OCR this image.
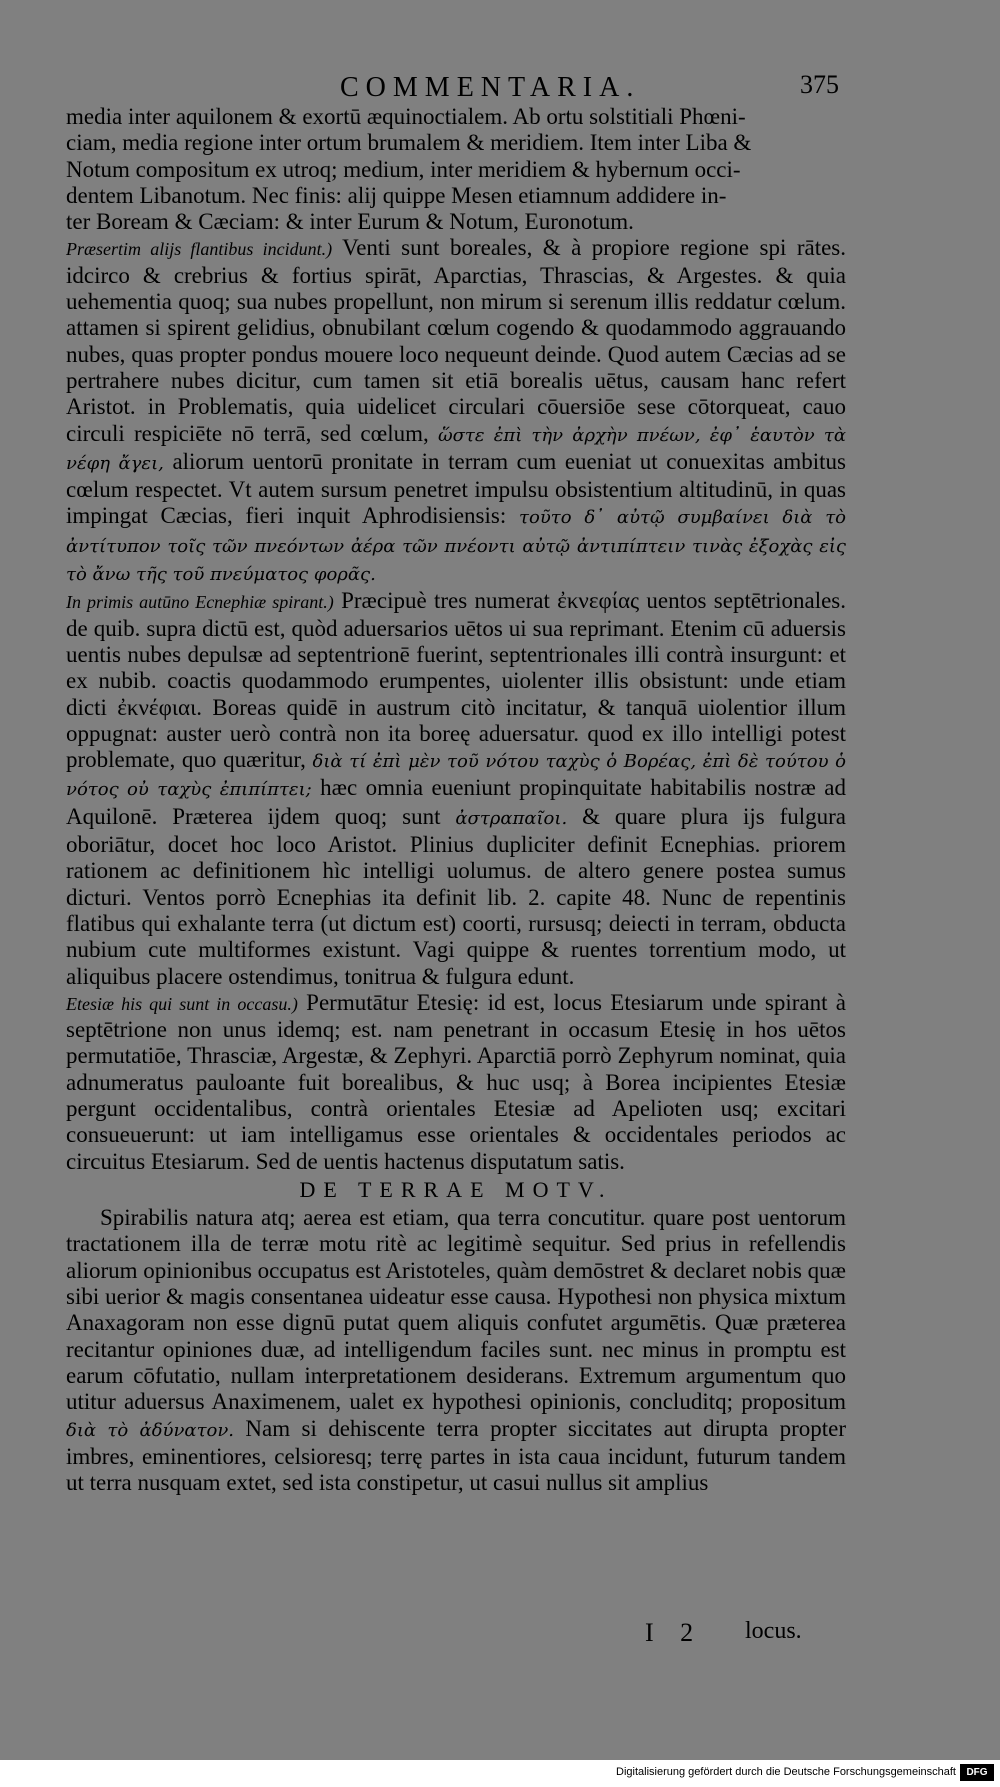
COMMENTARIA.	375

media inter aquilonem & exortū æquinoctialem. Ab ortu solstitiali Phœni-

ciam, media regione inter ortum brumalem & meridiem. Item inter Liba &

Notum compositum ex utroq; medium, inter meridiem & hybernum occi-

dentem Libanotum. Nec finis: alij quippe Mesen etiamnum addidere in-

ter Boream & Cæciam: & inter Eurum & Notum, Euronotum.

Præsertim alijs flantibus incidunt.) Venti sunt boreales, & à propiore regione spi rātes. idcirco & crebrius & fortius spirāt, Aparctias, Thrascias, & Argestes. & quia uehementia quoq; sua nubes propellunt, non mirum si serenum illis reddatur cœlum. attamen si spirent gelidius, obnubilant cœlum cogendo & quodammodo aggrauando nubes, quas propter pondus mouere loco nequeunt deinde. Quod autem Cæcias ad se pertrahere nubes dicitur, cum tamen sit etiā borealis uētus, causam hanc refert Aristot. in Problematis, quia uidelicet circulari cōuersiōe sese cōtorqueat, cauo circuli respiciēte nō terrā, sed cœlum, ὥστε ἐπὶ τὴν ἀρχὴν πνέων, ἐφ᾽ ἑαυτὸν τὰ νέφη ἄγει, aliorum uentorū pronitate in terram cum eueniat ut conuexitas ambitus cœlum respectet. Vt autem sursum penetret impulsu obsistentium altitudinū, in quas impingat Cæcias, fieri inquit Aphrodisiensis: τοῦτο δ᾽ αὐτῷ συμβαίνει διὰ τὸ ἀντίτυπον τοῖς τῶν πνεόντων ἀέρα τῶν πνέοντι αὐτῷ ἀντιπίπτειν τινὰς ἐξοχὰς εἰς τὸ ἄνω τῆς τοῦ πνεύματος φορᾶς.

In primis autūno Ecnephiæ spirant.) Præcipuè tres numerat ἐκνεφίας uentos septētrionales. de quib. supra dictū est, quòd aduersarios uētos ui sua reprimant. Etenim cū aduersis uentis nubes depulsæ ad septentrionē fuerint, septentrionales illi contrà insurgunt: et ex nubib. coactis quodammodo erumpentes, uiolenter illis obsistunt: unde etiam dicti ἐκνέφιαι. Boreas quidē in austrum citò incitatur, & tanquā uiolentior illum oppugnat: auster uerò contrà non ita boreę aduersatur. quod ex illo intelligi potest problemate, quo quæritur, διὰ τί ἐπὶ μὲν τοῦ νότου ταχὺς ὁ Βορέας, ἐπὶ δὲ τούτου ὁ νότος οὐ ταχὺς ἐπιπίπτει; hæc omnia eueniunt propinquitate habitabilis nostræ ad Aquilonē. Præterea ijdem quoq; sunt ἀστραπαῖοι. & quare plura ijs fulgura oboriātur, docet hoc loco Aristot. Plinius dupliciter definit Ecnephias. priorem rationem ac definitionem hìc intelligi uolumus. de altero genere postea sumus dicturi. Ventos porrò Ecnephias ita definit lib. 2. capite 48. Nunc de repentinis flatibus qui exhalante terra (ut dictum est) coorti, rursusq; deiecti in terram, obducta nubium cute multiformes existunt. Vagi quippe & ruentes torrentium modo, ut aliquibus placere ostendimus, tonitrua & fulgura edunt.

Etesiæ his qui sunt in occasu.) Permutātur Etesię: id est, locus Etesiarum unde spirant à septētrione non unus idemq; est. nam penetrant in occasum Etesię in hos uētos permutatiōe, Thrasciæ, Argestæ, & Zephyri. Aparctiā porrò Zephyrum nominat, quia adnumeratus pauloante fuit borealibus, & huc usq; à Borea incipientes Etesiæ pergunt occidentalibus, contrà orientales Etesiæ ad Apelioten usq; excitari consueuerunt: ut iam intelligamus esse orientales & occidentales periodos ac circuitus Etesiarum. Sed de uentis hactenus disputatum satis.

DE TERRAE MOTV.

Spirabilis natura atq; aerea est etiam, qua terra concutitur. quare post uentorum tractationem illa de terræ motu ritè ac legitimè sequitur. Sed prius in refellendis aliorum opinionibus occupatus est Aristoteles, quàm demōstret & declaret nobis quæ sibi uerior & magis consentanea uideatur esse causa. Hypothesi non physica mixtum Anaxagoram non esse dignū putat quem aliquis confutet argumētis. Quæ præterea recitantur opiniones duæ, ad intelligendum faciles sunt. nec minus in promptu est earum cōfutatio, nullam interpretationem desiderans. Extremum argumentum quo utitur aduersus Anaximenem, ualet ex hypothesi opinionis, concluditq; propositum διὰ τὸ ἀδύνατον. Nam si dehiscente terra propter siccitates aut dirupta propter imbres, eminentiores, celsioresq; terrę partes in ista caua incidunt, futurum tandem ut terra nusquam extet, sed ista constipetur, ut casui nullus sit amplius

I 2 locus.
Digitalisierung gefördert durch die Deutsche Forschungsgemeinschaft	DFG
